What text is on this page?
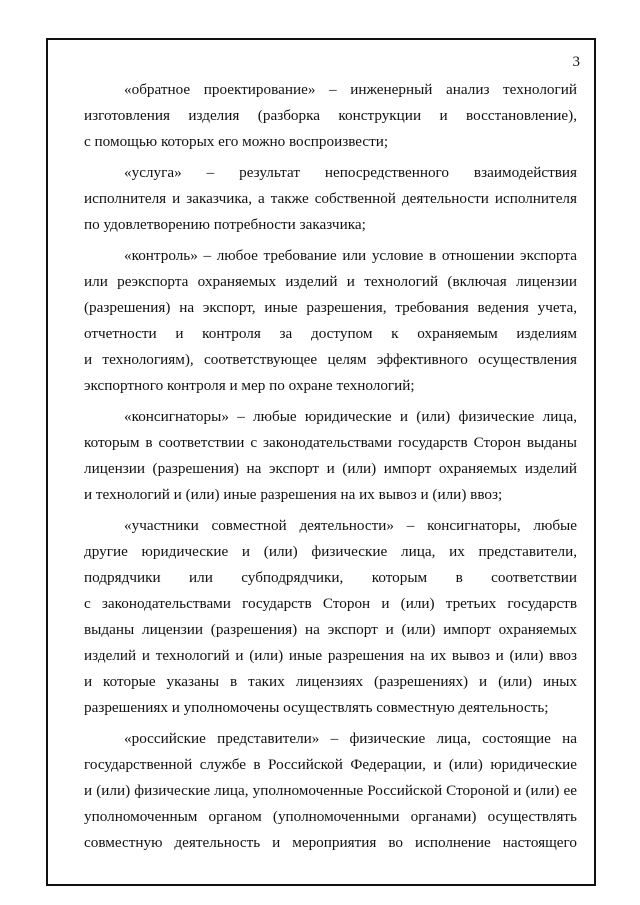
3
«обратное проектирование» – инженерный анализ технологий
изготовления изделия (разборка конструкции и восстановление),
с помощью которых его можно воспроизвести;
«услуга» – результат непосредственного взаимодействия
исполнителя и заказчика, а также собственной деятельности исполнителя
по удовлетворению потребности заказчика;
«контроль» – любое требование или условие в отношении экспорта
или реэкспорта охраняемых изделий и технологий (включая лицензии
(разрешения) на экспорт, иные разрешения, требования ведения учета,
отчетности и контроля за доступом к охраняемым изделиям
и технологиям), соответствующее целям эффективного осуществления
экспортного контроля и мер по охране технологий;
«консигнаторы» – любые юридические и (или) физические лица,
которым в соответствии с законодательствами государств Сторон выданы
лицензии (разрешения) на экспорт и (или) импорт охраняемых изделий
и технологий и (или) иные разрешения на их вывоз и (или) ввоз;
«участники совместной деятельности» – консигнаторы, любые
другие юридические и (или) физические лица, их представители,
подрядчики или субподрядчики, которым в соответствии
с законодательствами государств Сторон и (или) третьих государств
выданы лицензии (разрешения) на экспорт и (или) импорт охраняемых
изделий и технологий и (или) иные разрешения на их вывоз и (или) ввоз
и которые указаны в таких лицензиях (разрешениях) и (или) иных
разрешениях и уполномочены осуществлять совместную деятельность;
«российские представители» – физические лица, состоящие на
государственной службе в Российской Федерации, и (или) юридические
и (или) физические лица, уполномоченные Российской Стороной и (или) ее
уполномоченным органом (уполномоченными органами) осуществлять
совместную деятельность и мероприятия во исполнение настоящего
